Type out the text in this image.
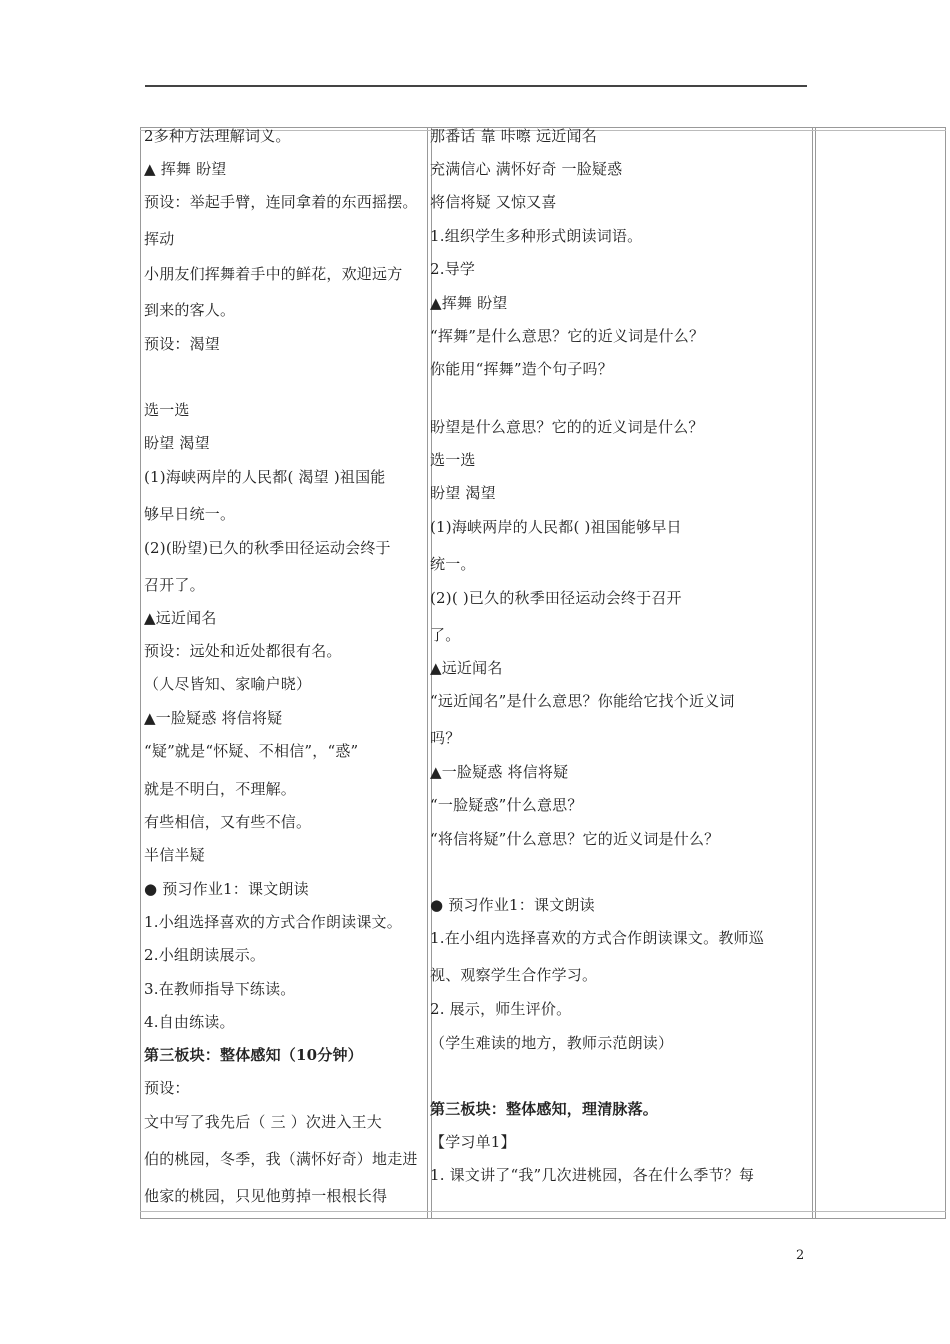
2多种方法理解词义。

▲ 挥舞 盼望

预设：举起手臂，连同拿着的东西摇摆。

挥动

小朋友们挥舞着手中的鲜花，欢迎远方

到来的客人。

预设：渴望

选一选

盼望 渴望

(1)海峡两岸的人民都( 渴望 )祖国能

够早日统一。

(2)(盼望)已久的秋季田径运动会终于

召开了。

▲远近闻名

预设：远处和近处都很有名。

（人尽皆知、家喻户晓）

▲一脸疑惑 将信将疑

“疑”就是“怀疑、不相信”，“惑”

就是不明白，不理解。

有些相信，又有些不信。

半信半疑

● 预习作业1：课文朗读

1.小组选择喜欢的方式合作朗读课文。

2.小组朗读展示。

3.在教师指导下练读。

4.自由练读。

第三板块：整体感知（10分钟）

预设：

文中写了我先后（ 三 ）次进入王大

伯的桃园，冬季，我（满怀好奇）地走进

他家的桃园，只见他剪掉一根根长得

那番话 靠 咔嚓 远近闻名

充满信心 满怀好奇 一脸疑惑

将信将疑 又惊又喜

1.组织学生多种形式朗读词语。

2.导学

▲挥舞 盼望

“挥舞”是什么意思？它的近义词是什么？

你能用“挥舞”造个句子吗？

盼望是什么意思？它的的近义词是什么？

选一选

盼望 渴望

(1)海峡两岸的人民都( )祖国能够早日

统一。

(2)( )已久的秋季田径运动会终于召开

了。

▲远近闻名

“远近闻名”是什么意思？你能给它找个近义词

吗？

▲一脸疑惑 将信将疑

“一脸疑惑”什么意思？

“将信将疑”什么意思？它的近义词是什么？

● 预习作业1：课文朗读

1.在小组内选择喜欢的方式合作朗读课文。教师巡

视、观察学生合作学习。

2. 展示，师生评价。

（学生难读的地方，教师示范朗读）

第三板块：整体感知，理清脉落。

【学习单1】

1. 课文讲了“我”几次进桃园，各在什么季节？每

2
